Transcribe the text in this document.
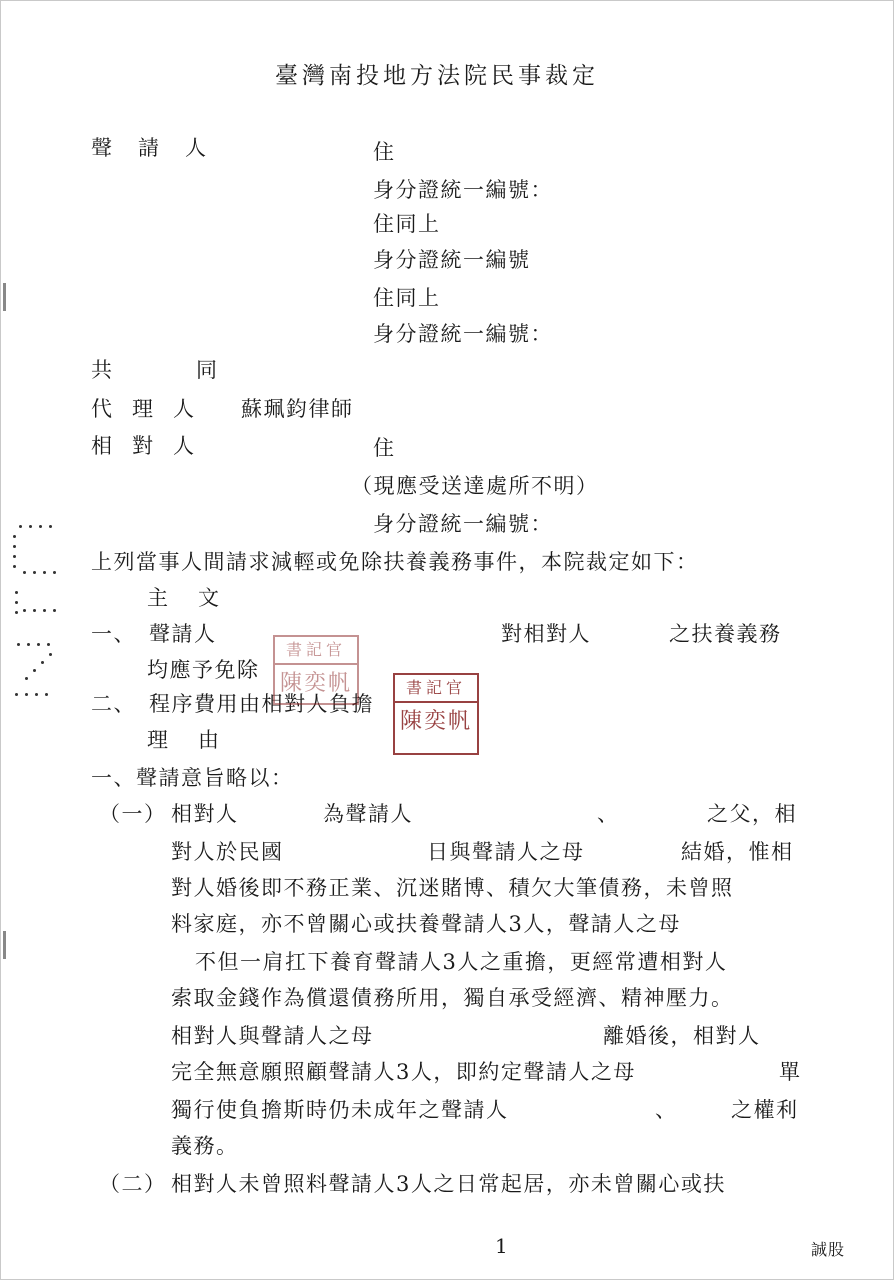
臺灣南投地方法院民事裁定
聲請人	住
身分證統一編號：
住同上
身分證統一編號
住同上
身分證統一編號：
共同
代理人 蘇珮鈞律師
相對人	住
（現應受送達處所不明）
身分證統一編號：
上列當事人間請求減輕或免除扶養義務事件，本院裁定如下：
主文
一、 聲請人	對相對人	之扶養義務
均應予免除
二、 程序費用由相對人負擔
理由
一、聲請意旨略以：
（一） 相對人	為聲請人	、	之父，相
對人於民國	日與聲請人之母	結婚，惟相
對人婚後即不務正業、沉迷賭博、積欠大筆債務，未曾照
料家庭，亦不曾關心或扶養聲請人3人，聲請人之母
不但一肩扛下養育聲請人3人之重擔，更經常遭相對人
索取金錢作為償還債務所用，獨自承受經濟、精神壓力。
相對人與聲請人之母	離婚後，相對人
完全無意願照顧聲請人3人，即約定聲請人之母	單
獨行使負擔斯時仍未成年之聲請人	、	之權利
義務。
（二） 相對人未曾照料聲請人3人之日常起居，亦未曾關心或扶
1	誠股
書記官
陳奕帆	書記官
陳奕帆
